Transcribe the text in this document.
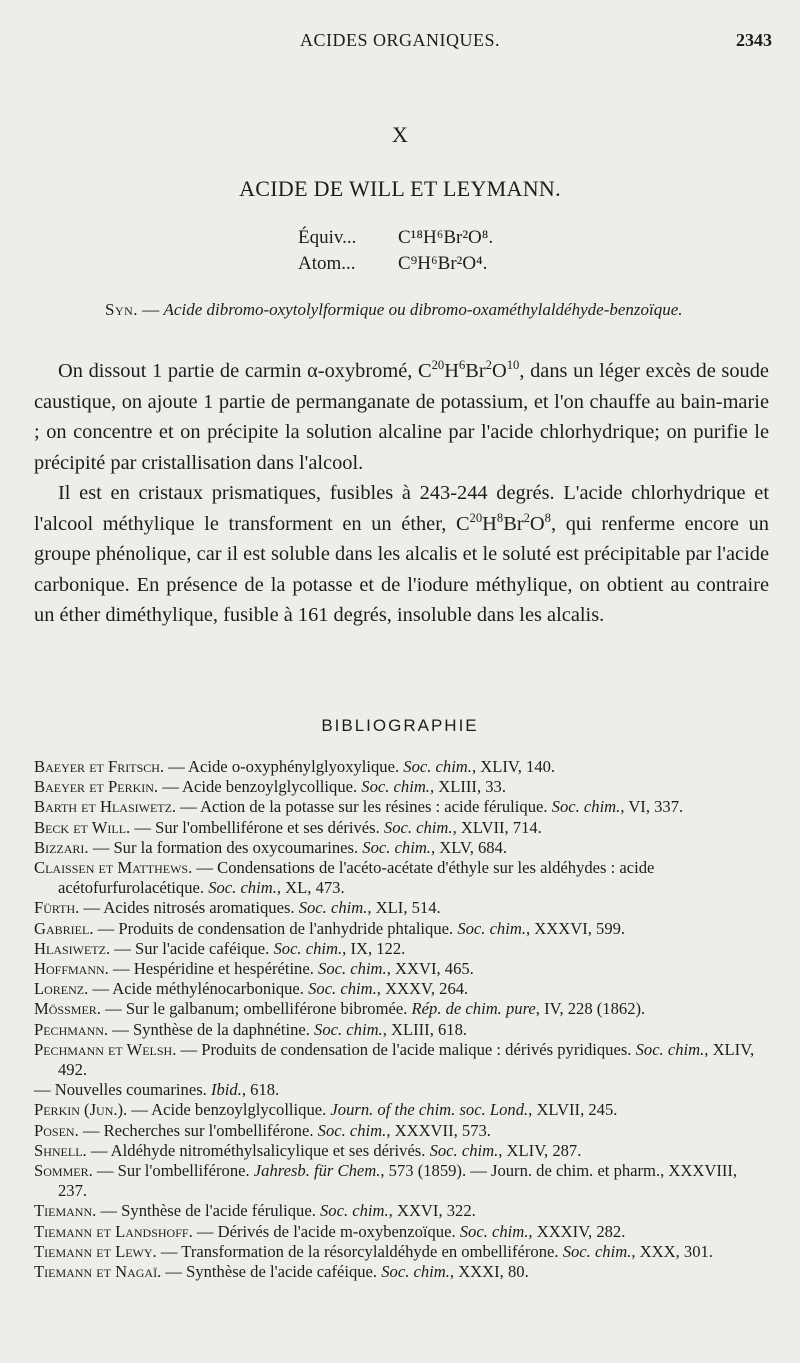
ACIDES ORGANIQUES.	2343
X
ACIDE DE WILL ET LEYMANN.
Équiv... C¹⁸H⁶Br²O⁸.
Atom... C⁹H⁶Br²O⁴.
Syn. — Acide dibromo-oxytolylformique ou dibromo-oxaméthylaldéhyde-benzoïque.

On dissout 1 partie de carmin α-oxybromé, $C^{20}H^6Br^2O^{10}$, dans un léger excès de soude caustique, on ajoute 1 partie de permanganate de potassium, et l'on chauffe au bain-marie ; on concentre et on précipite la solution alcaline par l'acide chlorhydrique; on purifie le précipité par cristallisation dans l'alcool.

Il est en cristaux prismatiques, fusibles à 243-244 degrés. L'acide chlorhydrique et l'alcool méthylique le transforment en un éther, $C^{20}H^8Br^2O^8$, qui renferme encore un groupe phénolique, car il est soluble dans les alcalis et le soluté est précipitable par l'acide carbonique. En présence de la potasse et de l'iodure méthylique, on obtient au contraire un éther diméthylique, fusible à 161 degrés, insoluble dans les alcalis.

BIBLIOGRAPHIE
Baeyer et Fritsch. — Acide o-oxyphénylglyoxylique. Soc. chim., XLIV, 140.
Baeyer et Perkin. — Acide benzoylglycollique. Soc. chim., XLIII, 33.
Barth et Hlasiwetz. — Action de la potasse sur les résines : acide férulique. Soc. chim., VI, 337.
Beck et Will. — Sur l'ombelliférone et ses dérivés. Soc. chim., XLVII, 714.
Bizzari. — Sur la formation des oxycoumarines. Soc. chim., XLV, 684.
Claissen et Matthews. — Condensations de l'acéto-acétate d'éthyle sur les aldéhydes : acide acétofurfurolacétique. Soc. chim., XL, 473.
Fürth. — Acides nitrosés aromatiques. Soc. chim., XLI, 514.
Gabriel. — Produits de condensation de l'anhydride phtalique. Soc. chim., XXXVI, 599.
Hlasiwetz. — Sur l'acide caféique. Soc. chim., IX, 122.
Hoffmann. — Hespéridine et hespérétine. Soc. chim., XXVI, 465.
Lorenz. — Acide méthylénocarbonique. Soc. chim., XXXV, 264.
Mössmer. — Sur le galbanum; ombelliférone bibromée. Rép. de chim. pure, IV, 228 (1862).
Pechmann. — Synthèse de la daphnétine. Soc. chim., XLIII, 618.
Pechmann et Welsh. — Produits de condensation de l'acide malique : dérivés pyridiques. Soc. chim., XLIV, 492.
— Nouvelles coumarines. Ibid., 618.
Perkin (Jun.). — Acide benzoylglycollique. Journ. of the chim. soc. Lond., XLVII, 245.
Posen. — Recherches sur l'ombelliférone. Soc. chim., XXXVII, 573.
Shnell. — Aldéhyde nitrométhylsalicylique et ses dérivés. Soc. chim., XLIV, 287.
Sommer. — Sur l'ombelliférone. Jahresb. für Chem., 573 (1859). — Journ. de chim. et pharm., XXXVIII, 237.
Tiemann. — Synthèse de l'acide férulique. Soc. chim., XXVI, 322.
Tiemann et Landshoff. — Dérivés de l'acide m-oxybenzoïque. Soc. chim., XXXIV, 282.
Tiemann et Lewy. — Transformation de la résorcylaldéhyde en ombelliférone. Soc. chim., XXX, 301.
Tiemann et Nagaï. — Synthèse de l'acide caféique. Soc. chim., XXXI, 80.
